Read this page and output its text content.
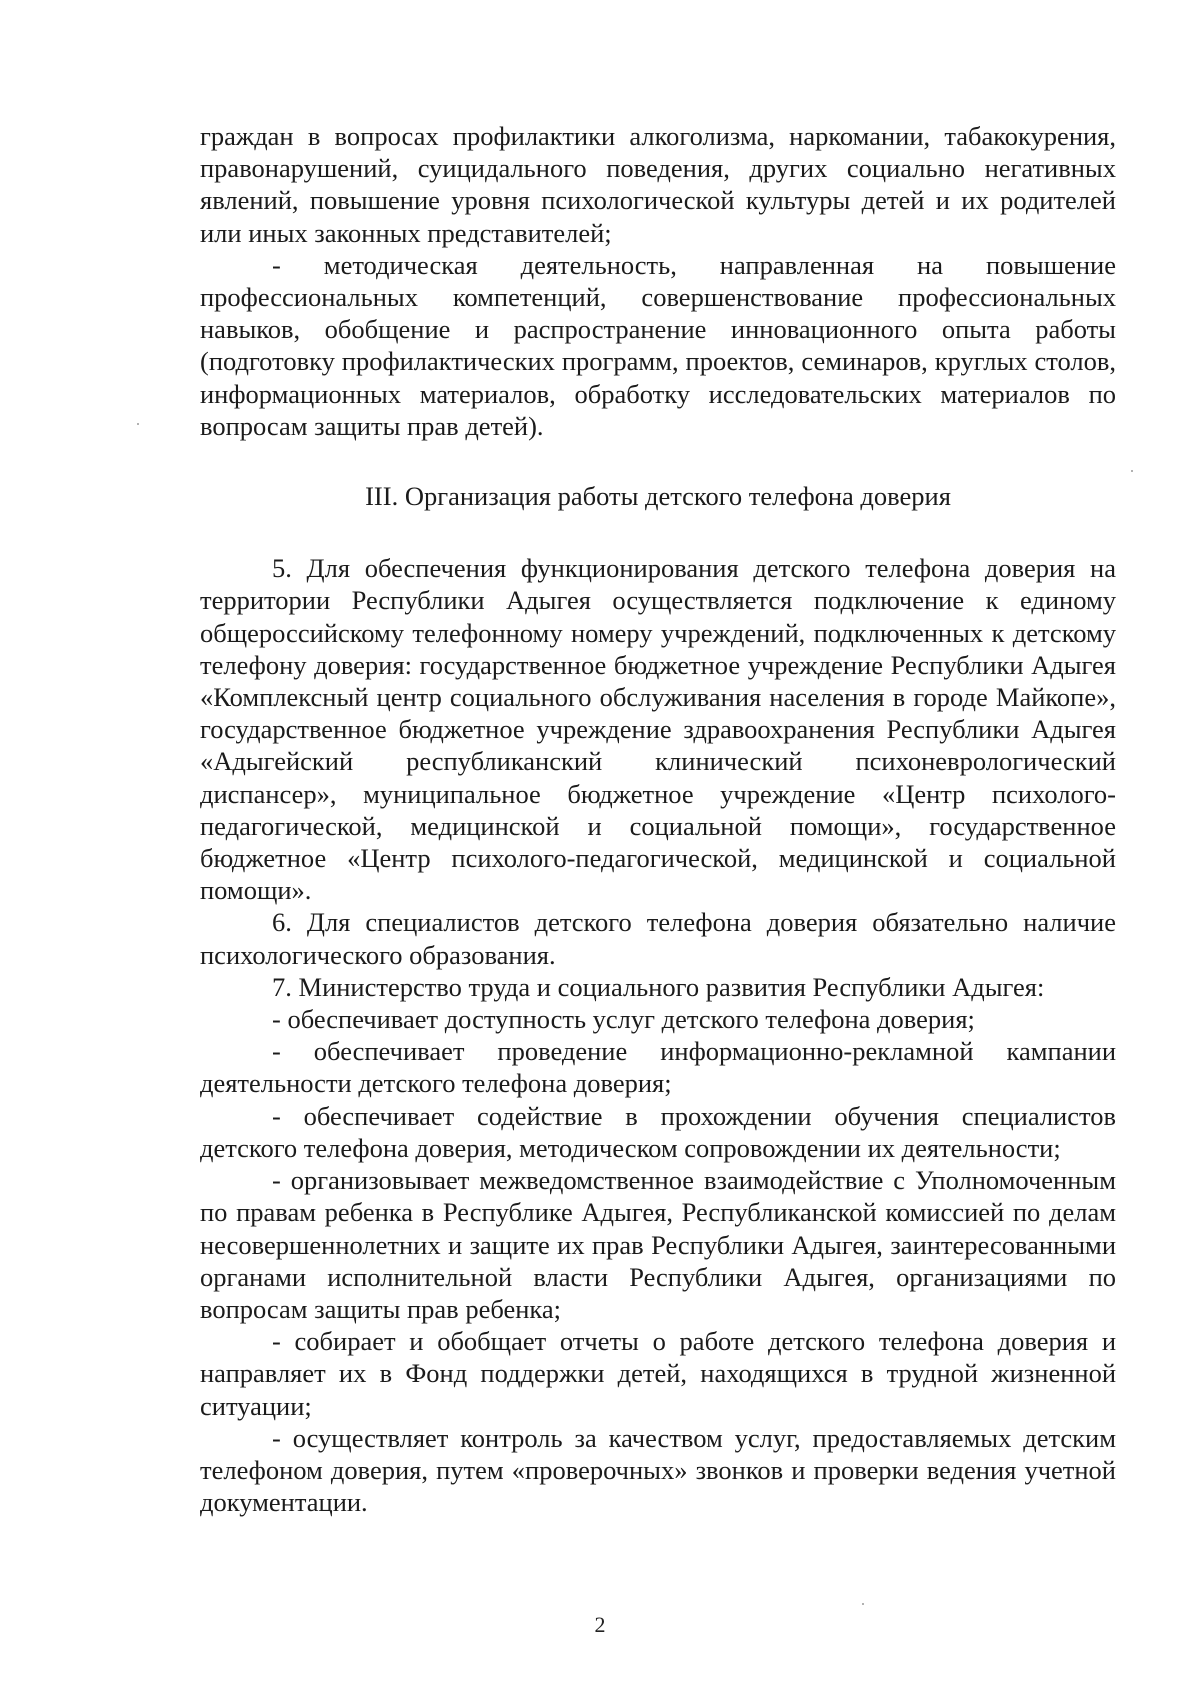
граждан в вопросах профилактики алкоголизма, наркомании, табакокурения, правонарушений, суицидального поведения, других социально негативных явлений, повышение уровня психологической культуры детей и их родителей или иных законных представителей;

- методическая деятельность, направленная на повышение профессиональных компетенций, совершенствование профессиональных навыков, обобщение и распространение инновационного опыта работы (подготовку профилактических программ, проектов, семинаров, круглых столов, информационных материалов, обработку исследовательских материалов по вопросам защиты прав детей).

III. Организация работы детского телефона доверия

5. Для обеспечения функционирования детского телефона доверия на территории Республики Адыгея осуществляется подключение к единому общероссийскому телефонному номеру учреждений, подключенных к детскому телефону доверия: государственное бюджетное учреждение Республики Адыгея «Комплексный центр социального обслуживания населения в городе Майкопе», государственное бюджетное учреждение здравоохранения Республики Адыгея «Адыгейский республиканский клинический психоневрологический диспансер», муниципальное бюджетное учреждение «Центр психолого-педагогической, медицинской и социальной помощи», государственное бюджетное «Центр психолого-педагогической, медицинской и социальной помощи».

6. Для специалистов детского телефона доверия обязательно наличие психологического образования.

7. Министерство труда и социального развития Республики Адыгея:

- обеспечивает доступность услуг детского телефона доверия;

- обеспечивает проведение информационно-рекламной кампании деятельности детского телефона доверия;

- обеспечивает содействие в прохождении обучения специалистов детского телефона доверия, методическом сопровождении их деятельности;

- организовывает межведомственное взаимодействие с Уполномоченным по правам ребенка в Республике Адыгея, Республиканской комиссией по делам несовершеннолетних и защите их прав Республики Адыгея, заинтересованными органами исполнительной власти Республики Адыгея, организациями по вопросам защиты прав ребенка;

- собирает и обобщает отчеты о работе детского телефона доверия и направляет их в Фонд поддержки детей, находящихся в трудной жизненной ситуации;

- осуществляет контроль за качеством услуг, предоставляемых детским телефоном доверия, путем «проверочных» звонков и проверки ведения учетной документации.

2
